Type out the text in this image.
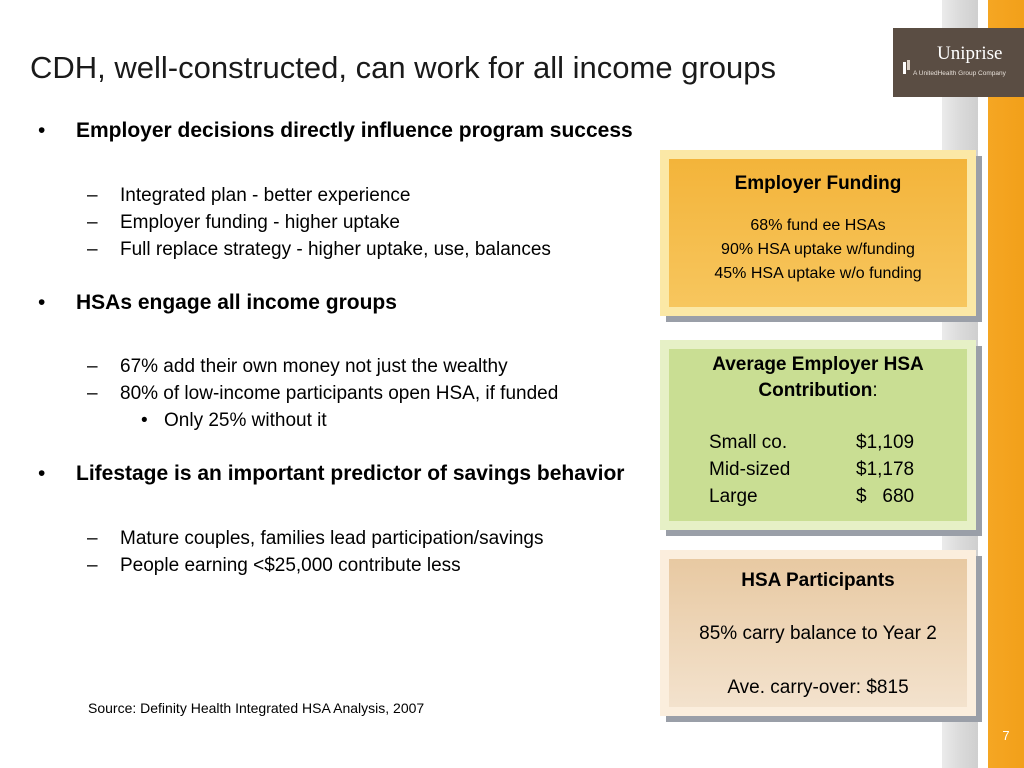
CDH, well-constructed, can work for all income groups	Uniprise
A UnitedHealth Group Company
• Employer decisions directly influence program success
– Integrated plan - better experience
– Employer funding - higher uptake
– Full replace strategy - higher uptake, use, balances
• HSAs engage all income groups
– 67% add their own money not just the wealthy
– 80% of low-income participants open HSA, if funded
• Only 25% without it
• Lifestage is an important predictor of savings behavior
– Mature couples, families lead participation/savings
– People earning <$25,000 contribute less
Source: Definity Health Integrated HSA Analysis, 2007
Employer Funding
68% fund ee HSAs
90% HSA uptake w/funding
45% HSA uptake w/o funding
Average Employer HSA
Contribution:
Small co.	$1,109
Mid-sized	$1,178
Large	$   680
HSA Participants
85% carry balance to Year 2
Ave. carry-over: $815
7
